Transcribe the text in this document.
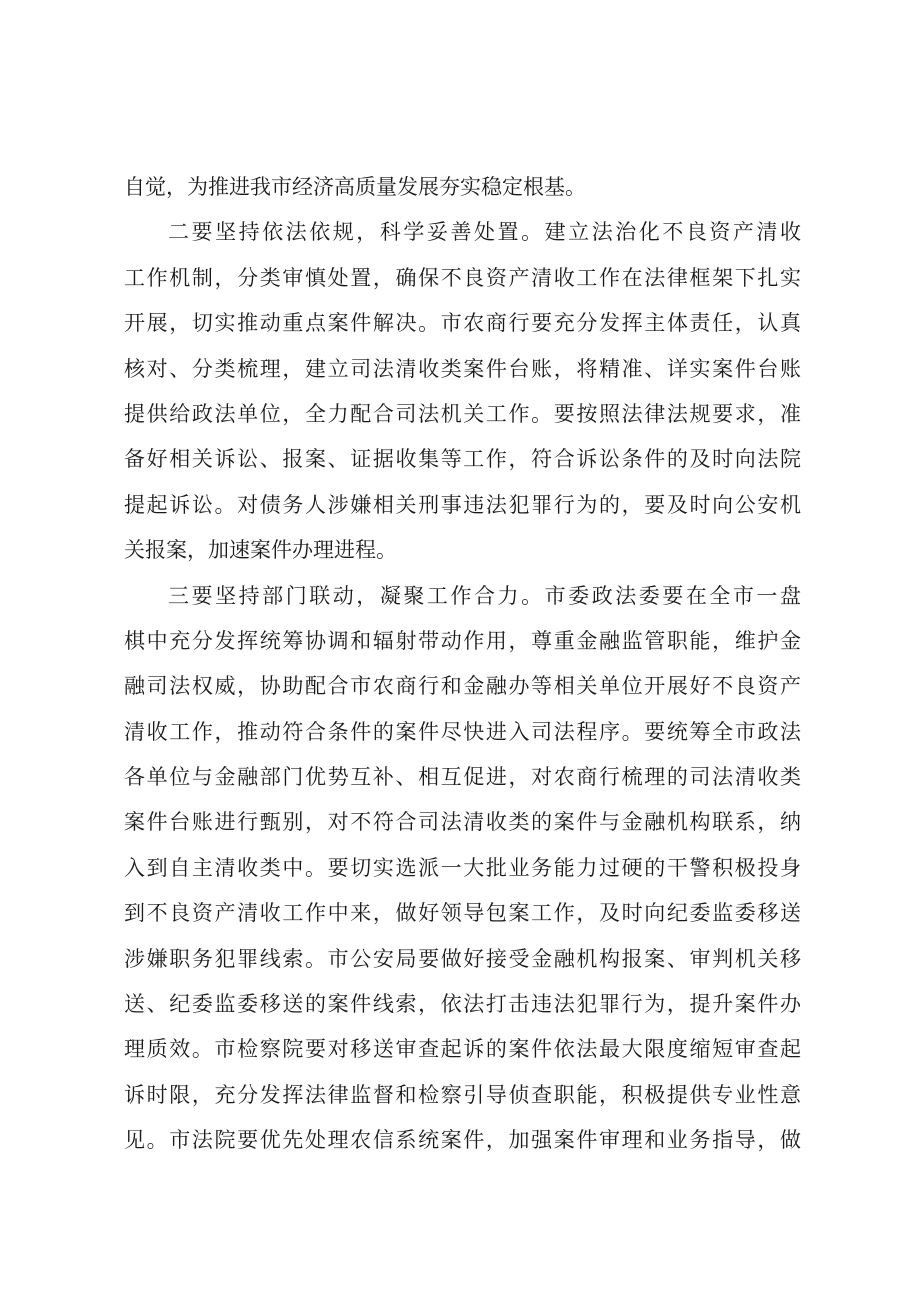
自觉，为推进我市经济高质量发展夯实稳定根基。
二要坚持依法依规，科学妥善处置。建立法治化不良资产清收
工作机制，分类审慎处置，确保不良资产清收工作在法律框架下扎实
开展，切实推动重点案件解决。市农商行要充分发挥主体责任，认真
核对、分类梳理，建立司法清收类案件台账，将精准、详实案件台账
提供给政法单位，全力配合司法机关工作。要按照法律法规要求，准
备好相关诉讼、报案、证据收集等工作，符合诉讼条件的及时向法院
提起诉讼。对债务人涉嫌相关刑事违法犯罪行为的，要及时向公安机
关报案，加速案件办理进程。
三要坚持部门联动，凝聚工作合力。市委政法委要在全市一盘
棋中充分发挥统筹协调和辐射带动作用，尊重金融监管职能，维护金
融司法权威，协助配合市农商行和金融办等相关单位开展好不良资产
清收工作，推动符合条件的案件尽快进入司法程序。要统筹全市政法
各单位与金融部门优势互补、相互促进，对农商行梳理的司法清收类
案件台账进行甄别，对不符合司法清收类的案件与金融机构联系，纳
入到自主清收类中。要切实选派一大批业务能力过硬的干警积极投身
到不良资产清收工作中来，做好领导包案工作，及时向纪委监委移送
涉嫌职务犯罪线索。市公安局要做好接受金融机构报案、审判机关移
送、纪委监委移送的案件线索，依法打击违法犯罪行为，提升案件办
理质效。市检察院要对移送审查起诉的案件依法最大限度缩短审查起
诉时限，充分发挥法律监督和检察引导侦查职能，积极提供专业性意
见。市法院要优先处理农信系统案件，加强案件审理和业务指导，做
